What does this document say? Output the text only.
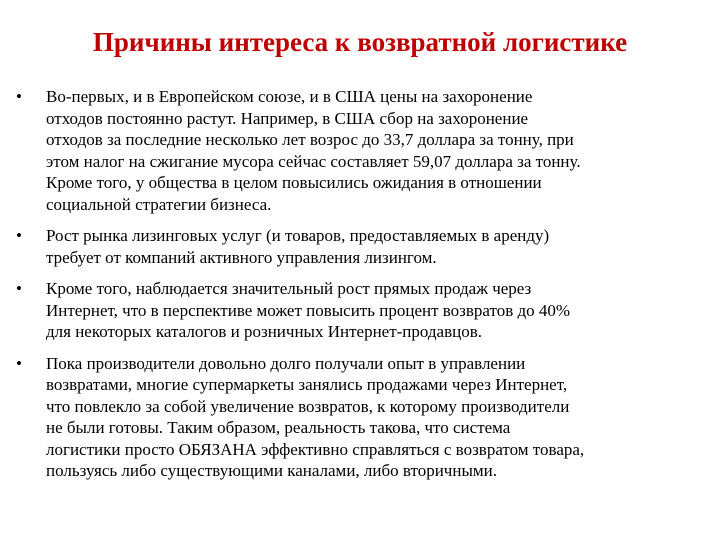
Причины интереса к возвратной логистике
•	Во-первых, и в Европейском союзе, и в США цены на захоронение
отходов постоянно растут. Например, в США сбор на захоронение
отходов за последние несколько лет возрос до 33,7 доллара за тонну, при
этом налог на сжигание мусора сейчас составляет 59,07 доллара за тонну.
Кроме того, у общества в целом повысились ожидания в отношении
социальной стратегии бизнеса.
•	Рост рынка лизинговых услуг (и товаров, предоставляемых в аренду)
требует от компаний активного управления лизингом.
•	Кроме того, наблюдается значительный рост прямых продаж через
Интернет, что в перспективе может повысить процент возвратов до 40%
для некоторых каталогов и розничных Интернет-продавцов.
•	Пока производители довольно долго получали опыт в управлении
возвратами, многие супермаркеты занялись продажами через Интернет,
что повлекло за собой увеличение возвратов, к которому производители
не были готовы. Таким образом, реальность такова, что система
логистики просто ОБЯЗАНА эффективно справляться с возвратом товара,
пользуясь либо существующими каналами, либо вторичными.
